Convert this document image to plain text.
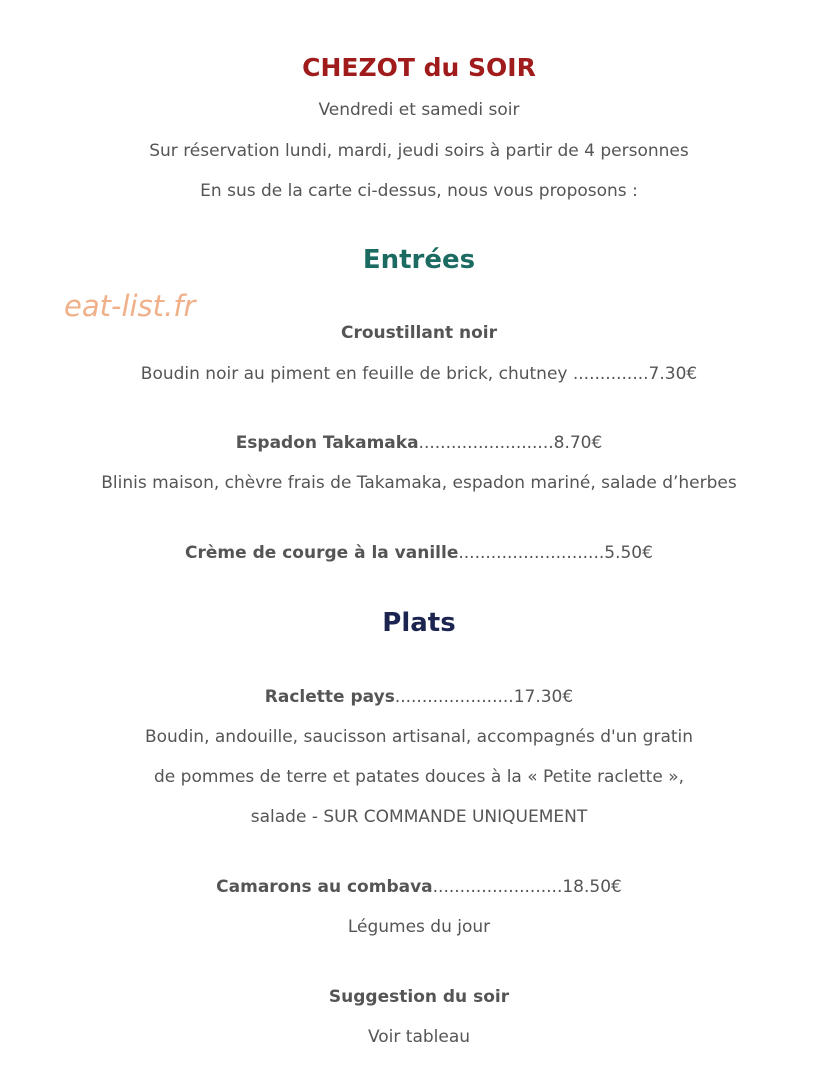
CHEZOT du SOIR
Vendredi et samedi soir
Sur réservation lundi, mardi, jeudi soirs à partir de 4 personnes
En sus de la carte ci-dessus, nous vous proposons :
Entrées
eat-list.fr
Croustillant noir
Boudin noir au piment en feuille de brick, chutney ..............7.30€
Espadon Takamaka.........................8.70€
Blinis maison, chèvre frais de Takamaka, espadon mariné, salade d’herbes
Crème de courge à la vanille...........................5.50€
Plats
Raclette pays......................17.30€
Boudin, andouille, saucisson artisanal, accompagnés d'un gratin
de pommes de terre et patates douces à la « Petite raclette »,
salade - SUR COMMANDE UNIQUEMENT
Camarons au combava........................18.50€
Légumes du jour
Suggestion du soir
Voir tableau
